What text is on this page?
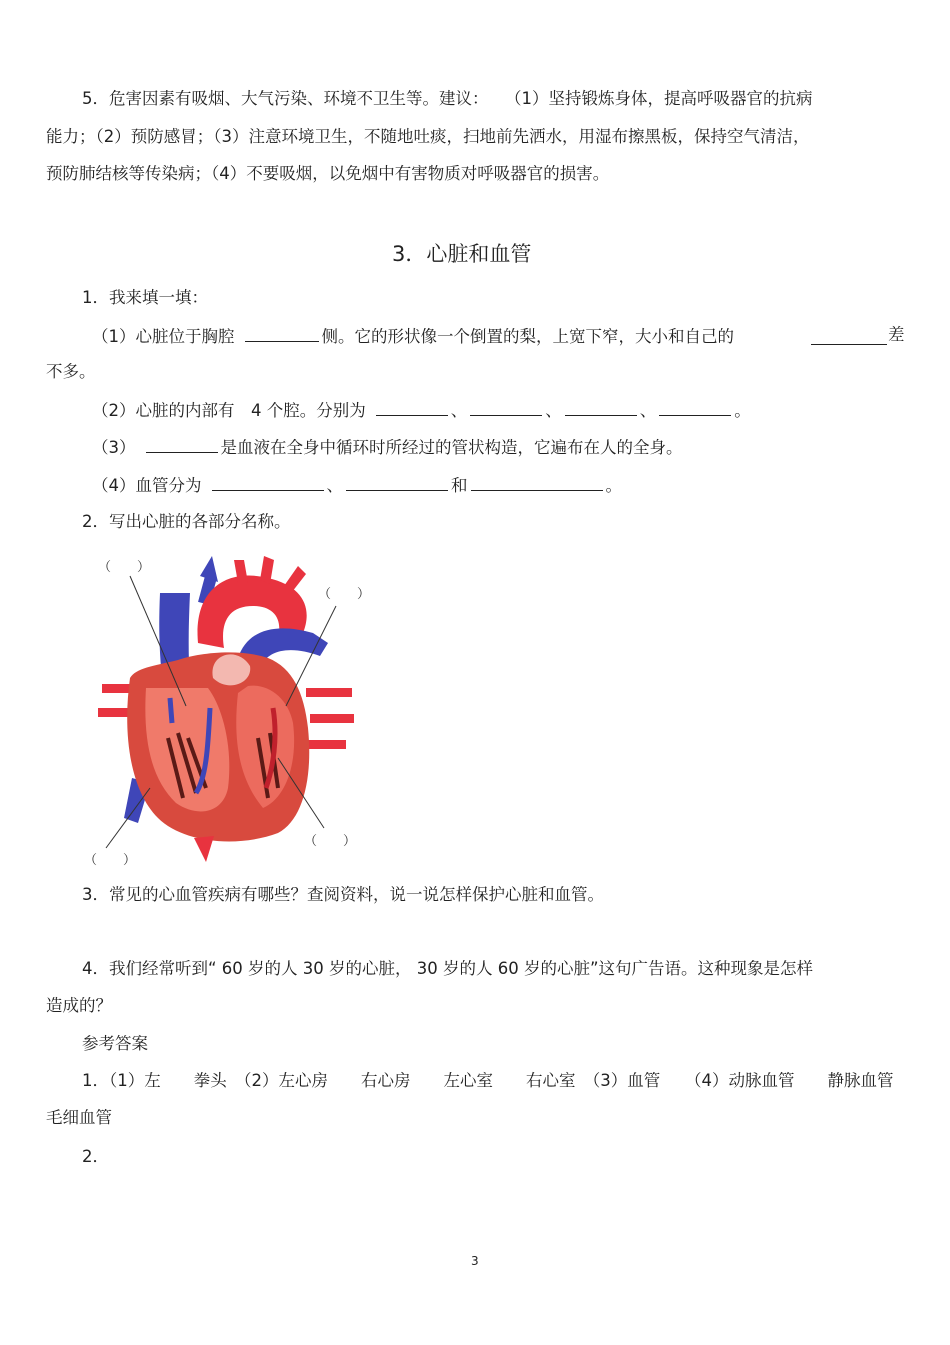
5．危害因素有吸烟、大气污染、环境不卫生等。建议：　　（1）坚持锻炼身体，提高呼吸器官的抗病
能力；（2）预防感冒；（3）注意环境卫生，不随地吐痰，扫地前先洒水，用湿布擦黑板，保持空气清洁，
预防肺结核等传染病；（4）不要吸烟，以免烟中有害物质对呼吸器官的损害。
3．心脏和血管
1．我来填一填：
（1）心脏位于胸腔	侧。它的形状像一个倒置的梨，上宽下窄，大小和自己的	差
不多。
（2）心脏的内部有　4 个腔。分别为	、	、	、	。
（3）	是血液在全身中循环时所经过的管状构造，它遍布在人的全身。
（4）血管分为	、	和	。
2．写出心脏的各部分名称。
（　　）
（　　）
（　　）
（　　）
3．常见的心血管疾病有哪些？查阅资料，说一说怎样保护心脏和血管。
4．我们经常听到“ 60 岁的人 30 岁的心脏， 30 岁的人 60 岁的心脏”这句广告语。这种现象是怎样
造成的？
参考答案
1．（1）左　　拳头　（2）左心房　　右心房　　左心室　　右心室　（3）血管　　（4）动脉血管　　静脉血管
毛细血管
2．
3
